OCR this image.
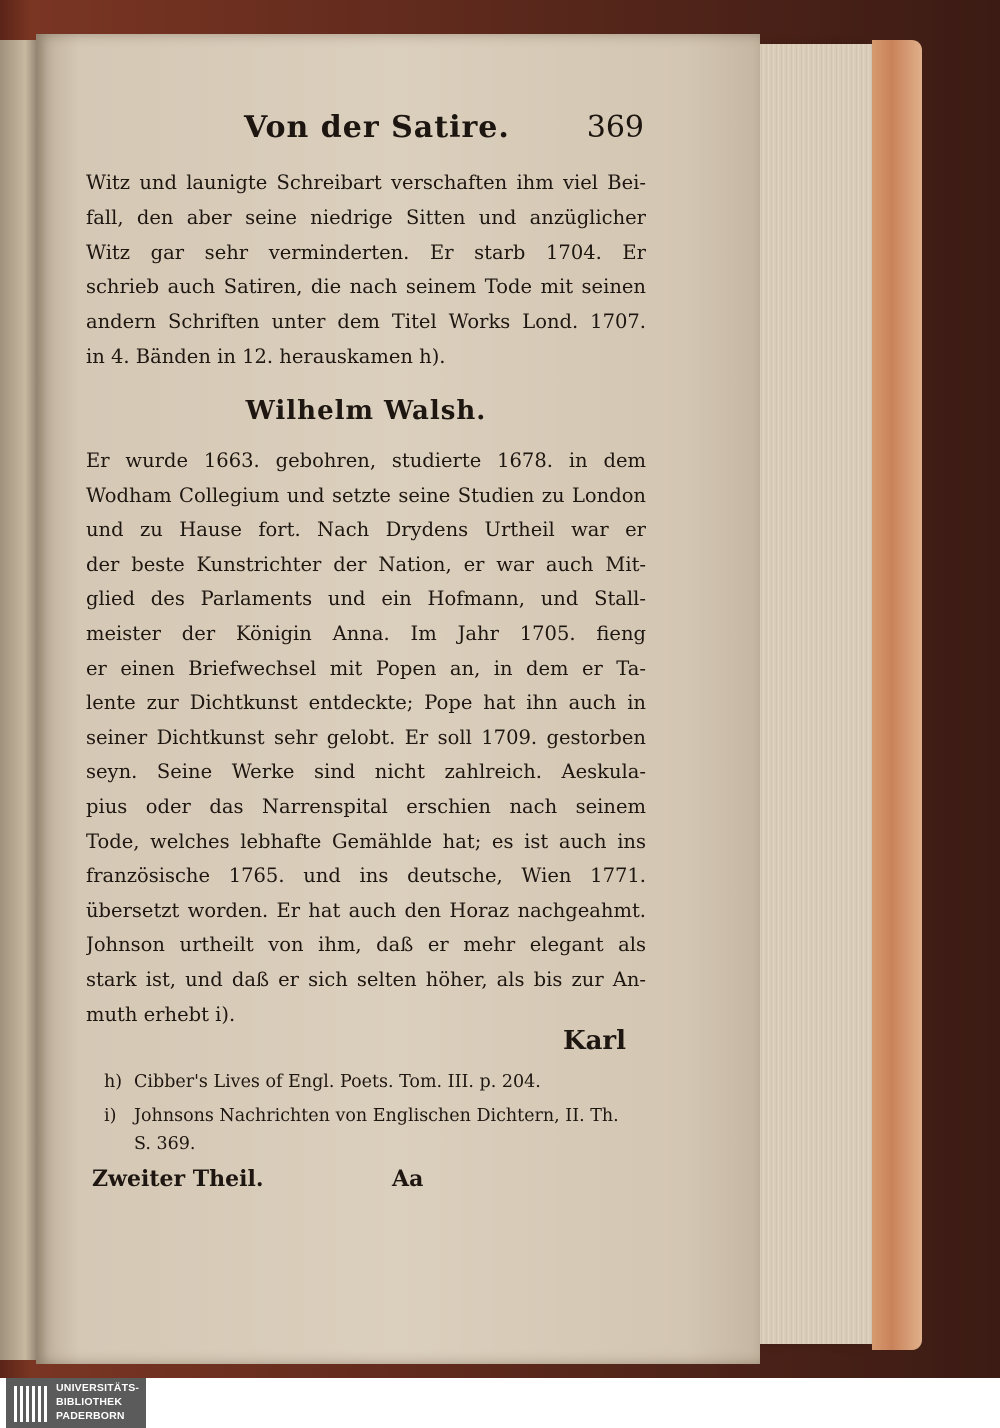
Von der Satire.	369
Witz und launigte Schreibart verschaften ihm viel Bei-
fall, den aber seine niedrige Sitten und anzüglicher
Witz gar sehr verminderten. Er starb 1704. Er
schrieb auch Satiren, die nach seinem Tode mit seinen
andern Schriften unter dem Titel Works Lond. 1707.
in 4. Bänden in 12. herauskamen h).
Wilhelm Walsh.
Er wurde 1663. gebohren, studierte 1678. in dem
Wodham Collegium und setzte seine Studien zu London
und zu Hause fort. Nach Drydens Urtheil war er
der beste Kunstrichter der Nation, er war auch Mit-
glied des Parlaments und ein Hofmann, und Stall-
meister der Königin Anna. Im Jahr 1705. fieng
er einen Briefwechsel mit Popen an, in dem er Ta-
lente zur Dichtkunst entdeckte; Pope hat ihn auch in
seiner Dichtkunst sehr gelobt. Er soll 1709. gestorben
seyn. Seine Werke sind nicht zahlreich. Aeskula-
pius oder das Narrenspital erschien nach seinem
Tode, welches lebhafte Gemählde hat; es ist auch ins
französische 1765. und ins deutsche, Wien 1771.
übersetzt worden. Er hat auch den Horaz nachgeahmt.
Johnson urtheilt von ihm, daß er mehr elegant als
stark ist, und daß er sich selten höher, als bis zur An-
muth erhebt i).
Karl
h) Cibber's Lives of Engl. Poets. Tom. III. p. 204.
i) Johnsons Nachrichten von Englischen Dichtern, II. Th.
S. 369.
Zweiter Theil.	Aa
UNIVERSITÄTS-
BIBLIOTHEK
PADERBORN
